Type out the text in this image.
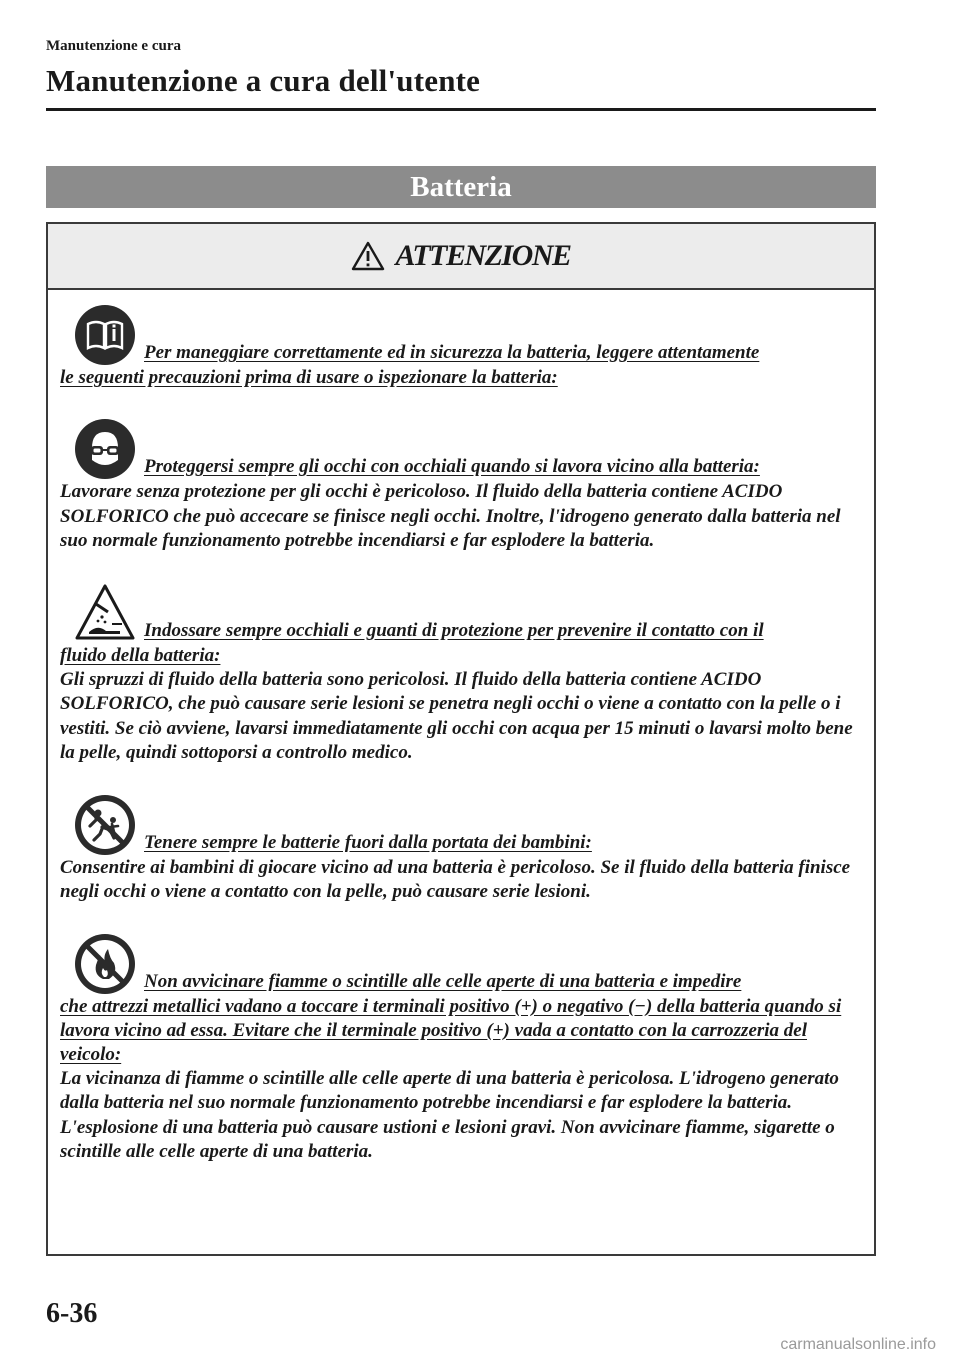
Manutenzione e cura

Manutenzione a cura dell'utente
Batteria
ATTENZIONE

Per maneggiare correttamente ed in sicurezza la batteria, leggere attentamente

le seguenti precauzioni prima di usare o ispezionare la batteria:

Proteggersi sempre gli occhi con occhiali quando si lavora vicino alla batteria:

Lavorare senza protezione per gli occhi è pericoloso. Il fluido della batteria contiene ACIDO SOLFORICO che può accecare se finisce negli occhi. Inoltre, l'idrogeno generato dalla batteria nel suo normale funzionamento potrebbe incendiarsi e far esplodere la batteria.

Indossare sempre occhiali e guanti di protezione per prevenire il contatto con il

fluido della batteria:

Gli spruzzi di fluido della batteria sono pericolosi. Il fluido della batteria contiene ACIDO SOLFORICO, che può causare serie lesioni se penetra negli occhi o viene a contatto con la pelle o i vestiti. Se ciò avviene, lavarsi immediatamente gli occhi con acqua per 15 minuti o lavarsi molto bene la pelle, quindi sottoporsi a controllo medico.

Tenere sempre le batterie fuori dalla portata dei bambini:

Consentire ai bambini di giocare vicino ad una batteria è pericoloso. Se il fluido della batteria finisce negli occhi o viene a contatto con la pelle, può causare serie lesioni.

Non avvicinare fiamme o scintille alle celle aperte di una batteria e impedire

che attrezzi metallici vadano a toccare i terminali positivo (+) o negativo (−) della batteria quando si lavora vicino ad essa. Evitare che il terminale positivo (+) vada a contatto con la carrozzeria del veicolo:

La vicinanza di fiamme o scintille alle celle aperte di una batteria è pericolosa. L'idrogeno generato dalla batteria nel suo normale funzionamento potrebbe incendiarsi e far esplodere la batteria. L'esplosione di una batteria può causare ustioni e lesioni gravi. Non avvicinare fiamme, sigarette o scintille alle celle aperte di una batteria.

6-36
carmanualsonline.info
